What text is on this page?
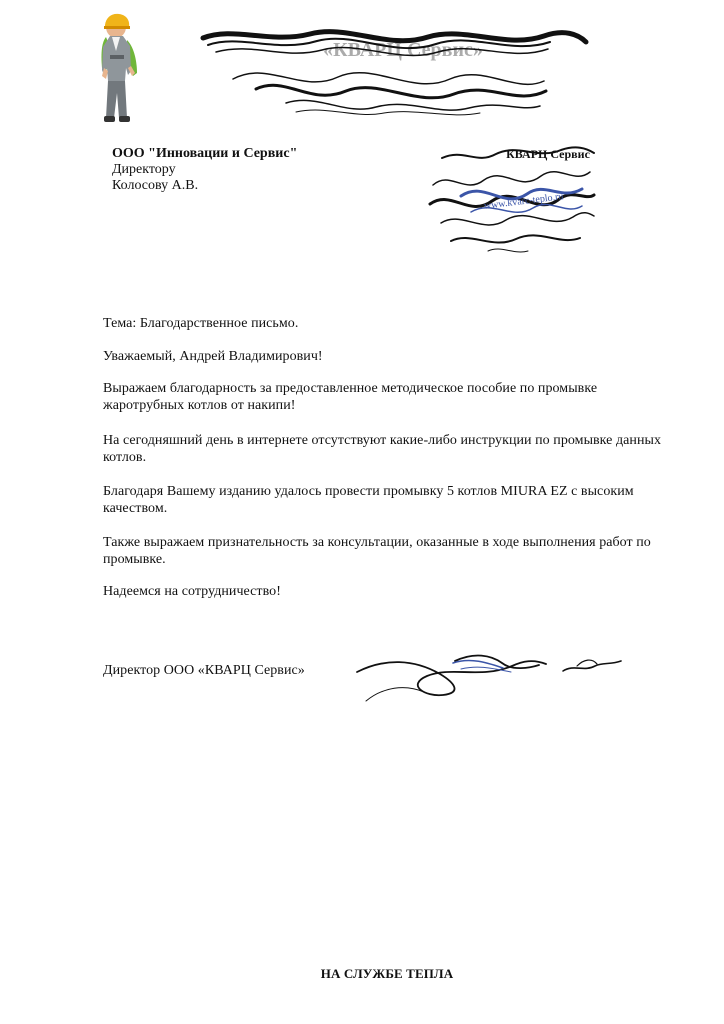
«КВАРЦ Сервис»
ООО "Инновации и Сервис"
Директору
Колосову А.В.
КВАРЦ Сервис
www.kvarc-teplo.ru
Тема: Благодарственное письмо.
Уважаемый, Андрей Владимирович!
Выражаем благодарность за предоставленное методическое пособие по промывке жаротрубных котлов от накипи!
На сегодняшний день в интернете отсутствуют какие-либо инструкции по промывке данных котлов.
Благодаря Вашему изданию удалось провести промывку 5 котлов MIURA EZ с высоким качеством.
Также выражаем признательность за консультации, оказанные в ходе выполнения работ по промывке.
Надеемся на сотрудничество!
Директор ООО «КВАРЦ Сервис»
НА СЛУЖБЕ ТЕПЛА
